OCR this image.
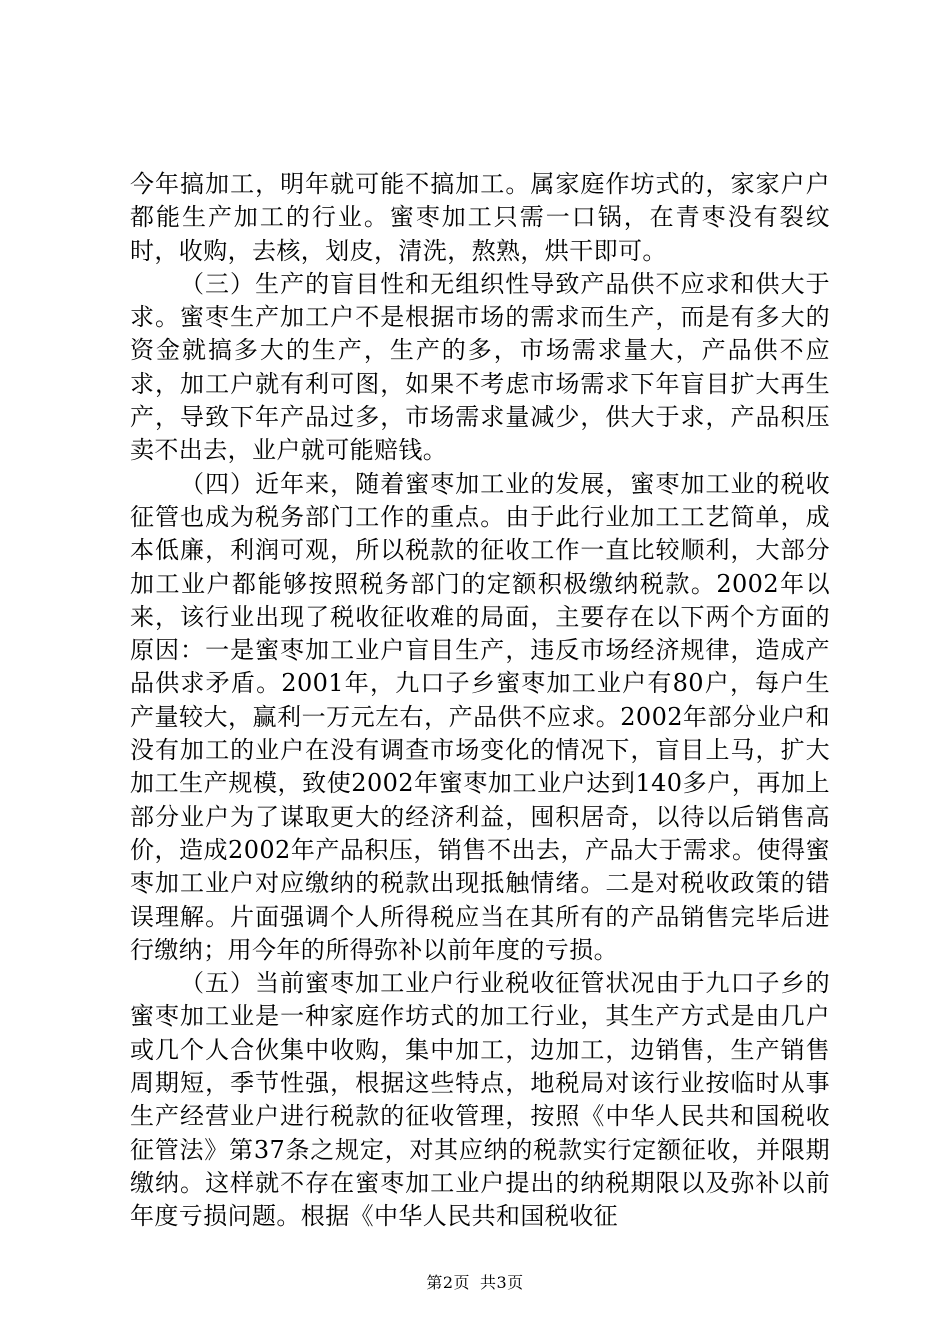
今年搞加工，明年就可能不搞加工。属家庭作坊式的，家家户户都能生产加工的行业。蜜枣加工只需一口锅，在青枣没有裂纹时，收购，去核，划皮，清洗，熬熟，烘干即可。

（三）生产的盲目性和无组织性导致产品供不应求和供大于求。蜜枣生产加工户不是根据市场的需求而生产，而是有多大的资金就搞多大的生产，生产的多，市场需求量大，产品供不应求，加工户就有利可图，如果不考虑市场需求下年盲目扩大再生产，导致下年产品过多，市场需求量减少，供大于求，产品积压卖不出去，业户就可能赔钱。

（四）近年来，随着蜜枣加工业的发展，蜜枣加工业的税收征管也成为税务部门工作的重点。由于此行业加工工艺简单，成本低廉，利润可观，所以税款的征收工作一直比较顺利，大部分加工业户都能够按照税务部门的定额积极缴纳税款。2002年以来，该行业出现了税收征收难的局面，主要存在以下两个方面的原因：一是蜜枣加工业户盲目生产，违反市场经济规律，造成产品供求矛盾。2001年，九口子乡蜜枣加工业户有80户，每户生产量较大，赢利一万元左右，产品供不应求。2002年部分业户和没有加工的业户在没有调查市场变化的情况下，盲目上马，扩大加工生产规模，致使2002年蜜枣加工业户达到140多户，再加上部分业户为了谋取更大的经济利益，囤积居奇，以待以后销售高价，造成2002年产品积压，销售不出去，产品大于需求。使得蜜枣加工业户对应缴纳的税款出现抵触情绪。二是对税收政策的错误理解。片面强调个人所得税应当在其所有的产品销售完毕后进行缴纳；用今年的所得弥补以前年度的亏损。

（五）当前蜜枣加工业户行业税收征管状况由于九口子乡的蜜枣加工业是一种家庭作坊式的加工行业，其生产方式是由几户或几个人合伙集中收购，集中加工，边加工，边销售，生产销售周期短，季节性强，根据这些特点，地税局对该行业按临时从事生产经营业户进行税款的征收管理，按照《中华人民共和国税收征管法》第37条之规定，对其应纳的税款实行定额征收，并限期缴纳。这样就不存在蜜枣加工业户提出的纳税期限以及弥补以前年度亏损问题。根据《中华人民共和国税收征

第2页 共3页
